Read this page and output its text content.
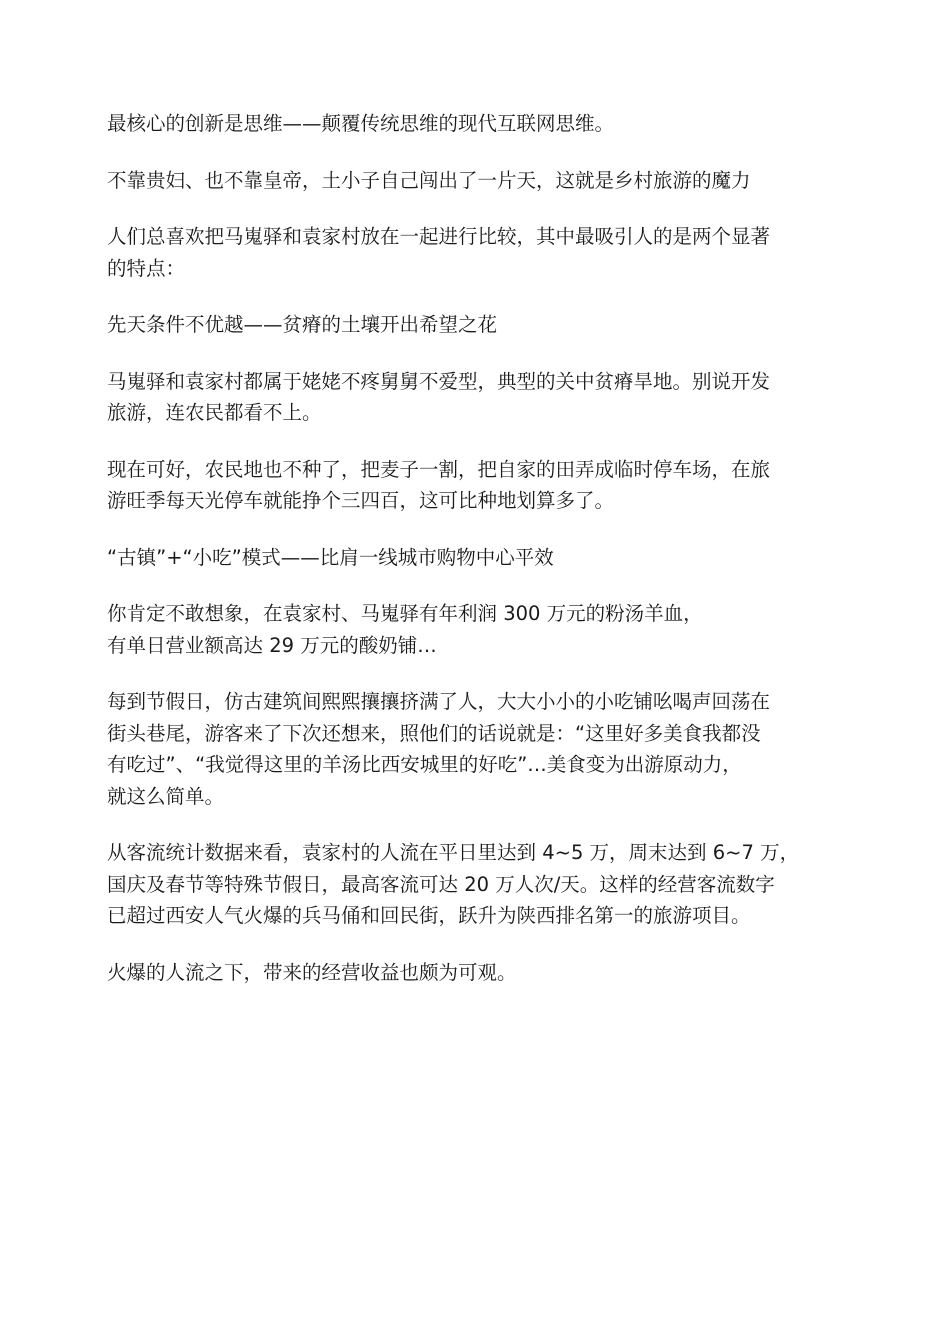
最核心的创新是思维——颠覆传统思维的现代互联网思维。

不靠贵妇、也不靠皇帝，土小子自己闯出了一片天，这就是乡村旅游的魔力

人们总喜欢把马嵬驿和袁家村放在一起进行比较，其中最吸引人的是两个显著
的特点：

先天条件不优越——贫瘠的土壤开出希望之花

马嵬驿和袁家村都属于姥姥不疼舅舅不爱型，典型的关中贫瘠旱地。别说开发
旅游，连农民都看不上。

现在可好，农民地也不种了，把麦子一割，把自家的田弄成临时停车场，在旅
游旺季每天光停车就能挣个三四百，这可比种地划算多了。

“古镇”+“小吃”模式——比肩一线城市购物中心平效

你肯定不敢想象，在袁家村、马嵬驿有年利润 300 万元的粉汤羊血，
有单日营业额高达 29 万元的酸奶铺…

每到节假日，仿古建筑间熙熙攘攘挤满了人，大大小小的小吃铺吆喝声回荡在
街头巷尾，游客来了下次还想来，照他们的话说就是：“这里好多美食我都没
有吃过”、“我觉得这里的羊汤比西安城里的好吃”…美食变为出游原动力，
就这么简单。

从客流统计数据来看，袁家村的人流在平日里达到 4~5 万，周末达到 6~7 万，
国庆及春节等特殊节假日，最高客流可达 20 万人次/天。这样的经营客流数字
已超过西安人气火爆的兵马俑和回民街，跃升为陕西排名第一的旅游项目。

火爆的人流之下，带来的经营收益也颇为可观。
